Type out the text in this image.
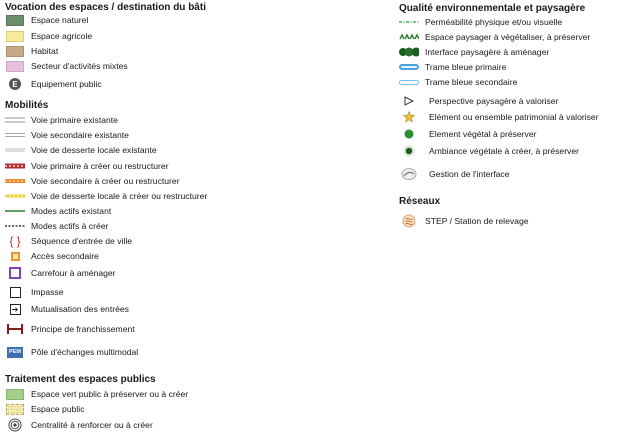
Vocation des espaces / destination du bâti
Espace naturel
Espace agricole
Habitat
Secteur d'activités mixtes
E	Equipement public
Mobilités
Voie primaire existante
Voie secondaire existante
Voie de desserte locale existante
Voie primaire à créer ou restructurer
Voie secondaire à créer ou restructurer
Voie de desserte locale à créer ou restructurer
Modes actifs existant
Modes actifs à créer
{ } Séquence d'entrée de ville
Accès secondaire
Carrefour à aménager
Impasse
➔ Mutualisation des entrées
Principe de franchissement
PEM Pôle d'échanges multimodal
Traitement des espaces publics
Espace vert public à préserver ou à créer
Espace public
Centralité à renforcer ou à créer
Qualité environnementale et paysagère
Perméabilité physique et/ou visuelle
Espace paysager à végétaliser, à préserver
Interface paysagère à aménager
Trame bleue primaire
Trame bleue secondaire
Perspective paysagère à valoriser
Elément ou ensemble patrimonial à valoriser
Element végétal à préserver
Ambiance végétale à créer, à préserver
Gestion de l'interface
Réseaux
STEP / Station de relevage
